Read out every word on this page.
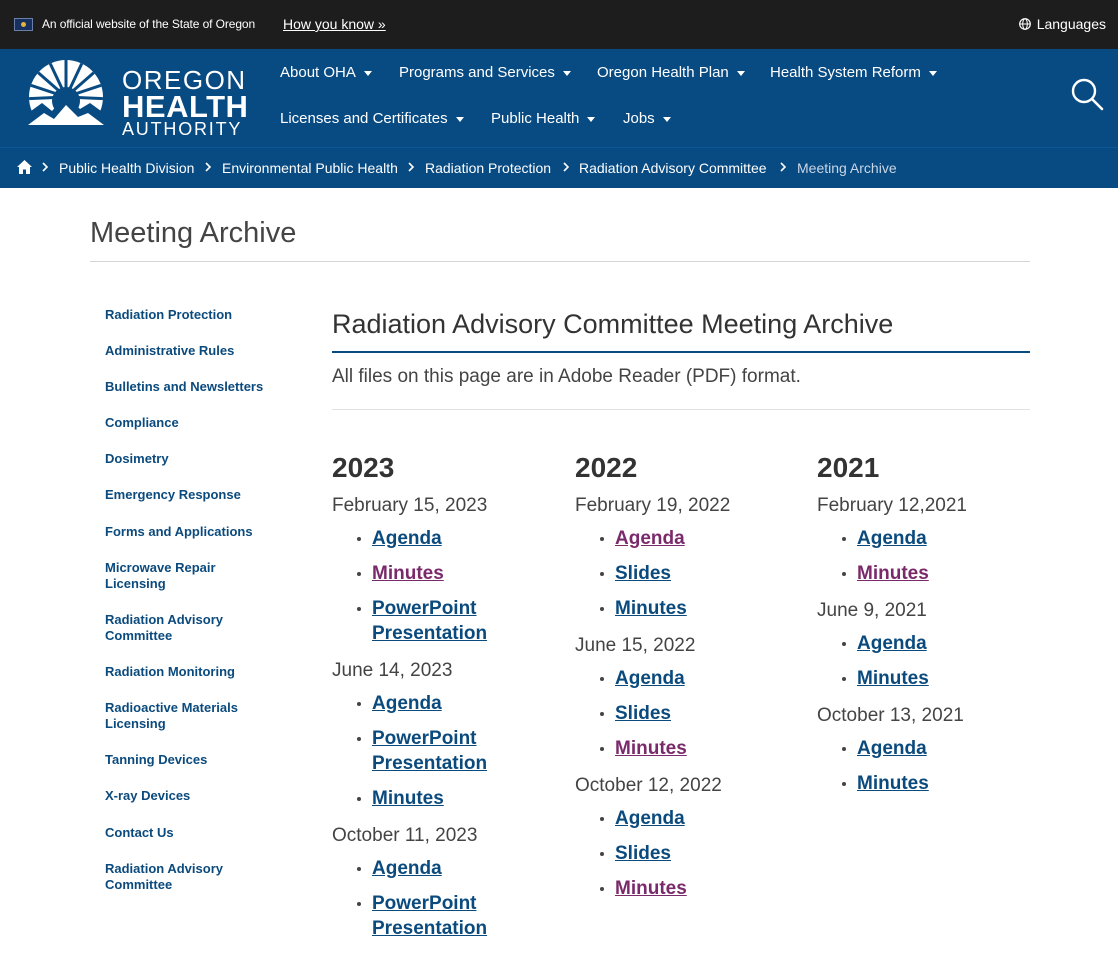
An official website of the State of Oregon How you know »	Languages
OREGON
HEALTH
AUTHORITY
About OHA	Programs and Services	Oregon Health Plan	Health System Reform
Licenses and Certificates	Public Health	Jobs
Public Health Division Environmental Public Health Radiation Protection Radiation Advisory Committee Meeting Archive
Meeting Archive
Radiation Protection
Administrative Rules
Bulletins and Newsletters
Compliance
Dosimetry
Emergency Response
Forms and Applications
Microwave Repair Licensing
Radiation Advisory Committee
Radiation Monitoring
Radioactive Materials Licensing
Tanning Devices
X-ray Devices
Contact Us
Radiation Advisory Committee
Radiation Advisory Committee Meeting Archive

All files on this page are in Adobe Reader (PDF) format.

2023
February 15, 2023
Agenda
Minutes
PowerPoint Presentation
June 14, 2023
Agenda
PowerPoint Presentation
Minutes
October 11, 2023
Agenda
PowerPoint Presentation
2022
February 19, 2022
Agenda
Slides
Minutes
June 15, 2022
Agenda
Slides
Minutes
October 12, 2022
Agenda
Slides
Minutes
2021
February 12,2021
Agenda
Minutes
June 9, 2021
Agenda
Minutes
October 13, 2021
Agenda
Minutes
